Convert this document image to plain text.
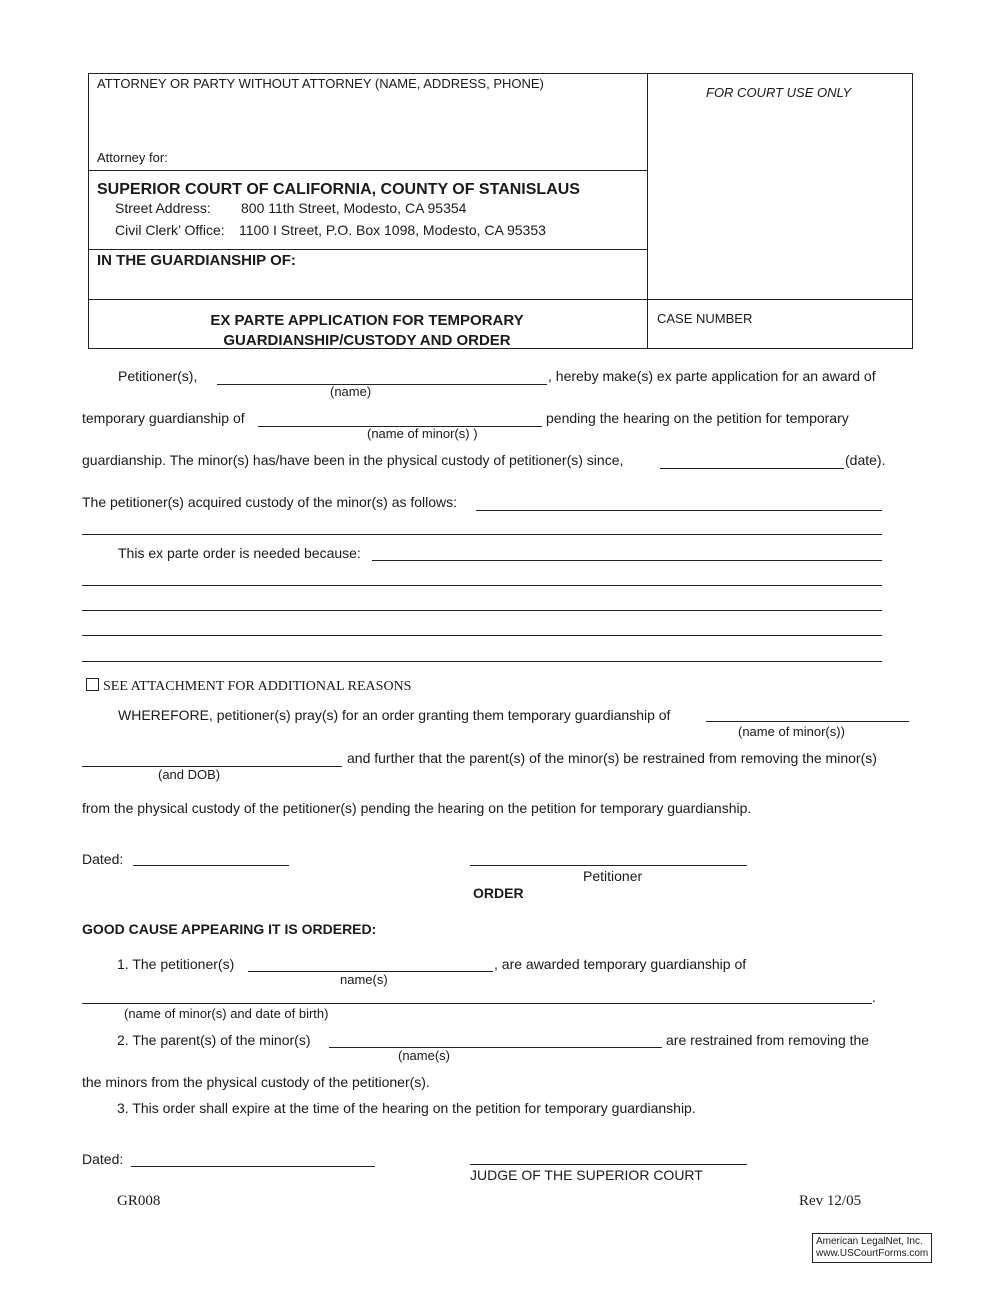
ATTORNEY OR PARTY WITHOUT ATTORNEY (NAME, ADDRESS, PHONE)
Attorney for:
FOR COURT USE ONLY
SUPERIOR COURT OF CALIFORNIA, COUNTY OF STANISLAUS
Street Address: 800 11th Street, Modesto, CA 95354
Civil Clerk’ Office: 1100 I Street, P.O. Box 1098, Modesto, CA 95353
IN THE GUARDIANSHIP OF:
EX PARTE APPLICATION FOR TEMPORARY
GUARDIANSHIP/CUSTODY AND ORDER
CASE NUMBER
Petitioner(s),	, hereby make(s) ex parte application for an award of
(name)
temporary guardianship of	pending the hearing on the petition for temporary
(name of minor(s) )
guardianship. The minor(s) has/have been in the physical custody of petitioner(s) since,	(date).
The petitioner(s) acquired custody of the minor(s) as follows:
This ex parte order is needed because:
SEE ATTACHMENT FOR ADDITIONAL REASONS
WHEREFORE, petitioner(s) pray(s) for an order granting them temporary guardianship of
(name of minor(s))
and further that the parent(s) of the minor(s) be restrained from removing the minor(s)
(and DOB)
from the physical custody of the petitioner(s) pending the hearing on the petition for temporary guardianship.
Dated:
Petitioner
ORDER
GOOD CAUSE APPEARING IT IS ORDERED:
1. The petitioner(s)	, are awarded temporary guardianship of
name(s)
.
(name of minor(s) and date of birth)
2. The parent(s) of the minor(s)	are restrained from removing the
(name(s)
the minors from the physical custody of the petitioner(s).
3. This order shall expire at the time of the hearing on the petition for temporary guardianship.
Dated:
JUDGE OF THE SUPERIOR COURT
GR008	Rev 12/05
American LegalNet, Inc.
www.USCourtForms.com
